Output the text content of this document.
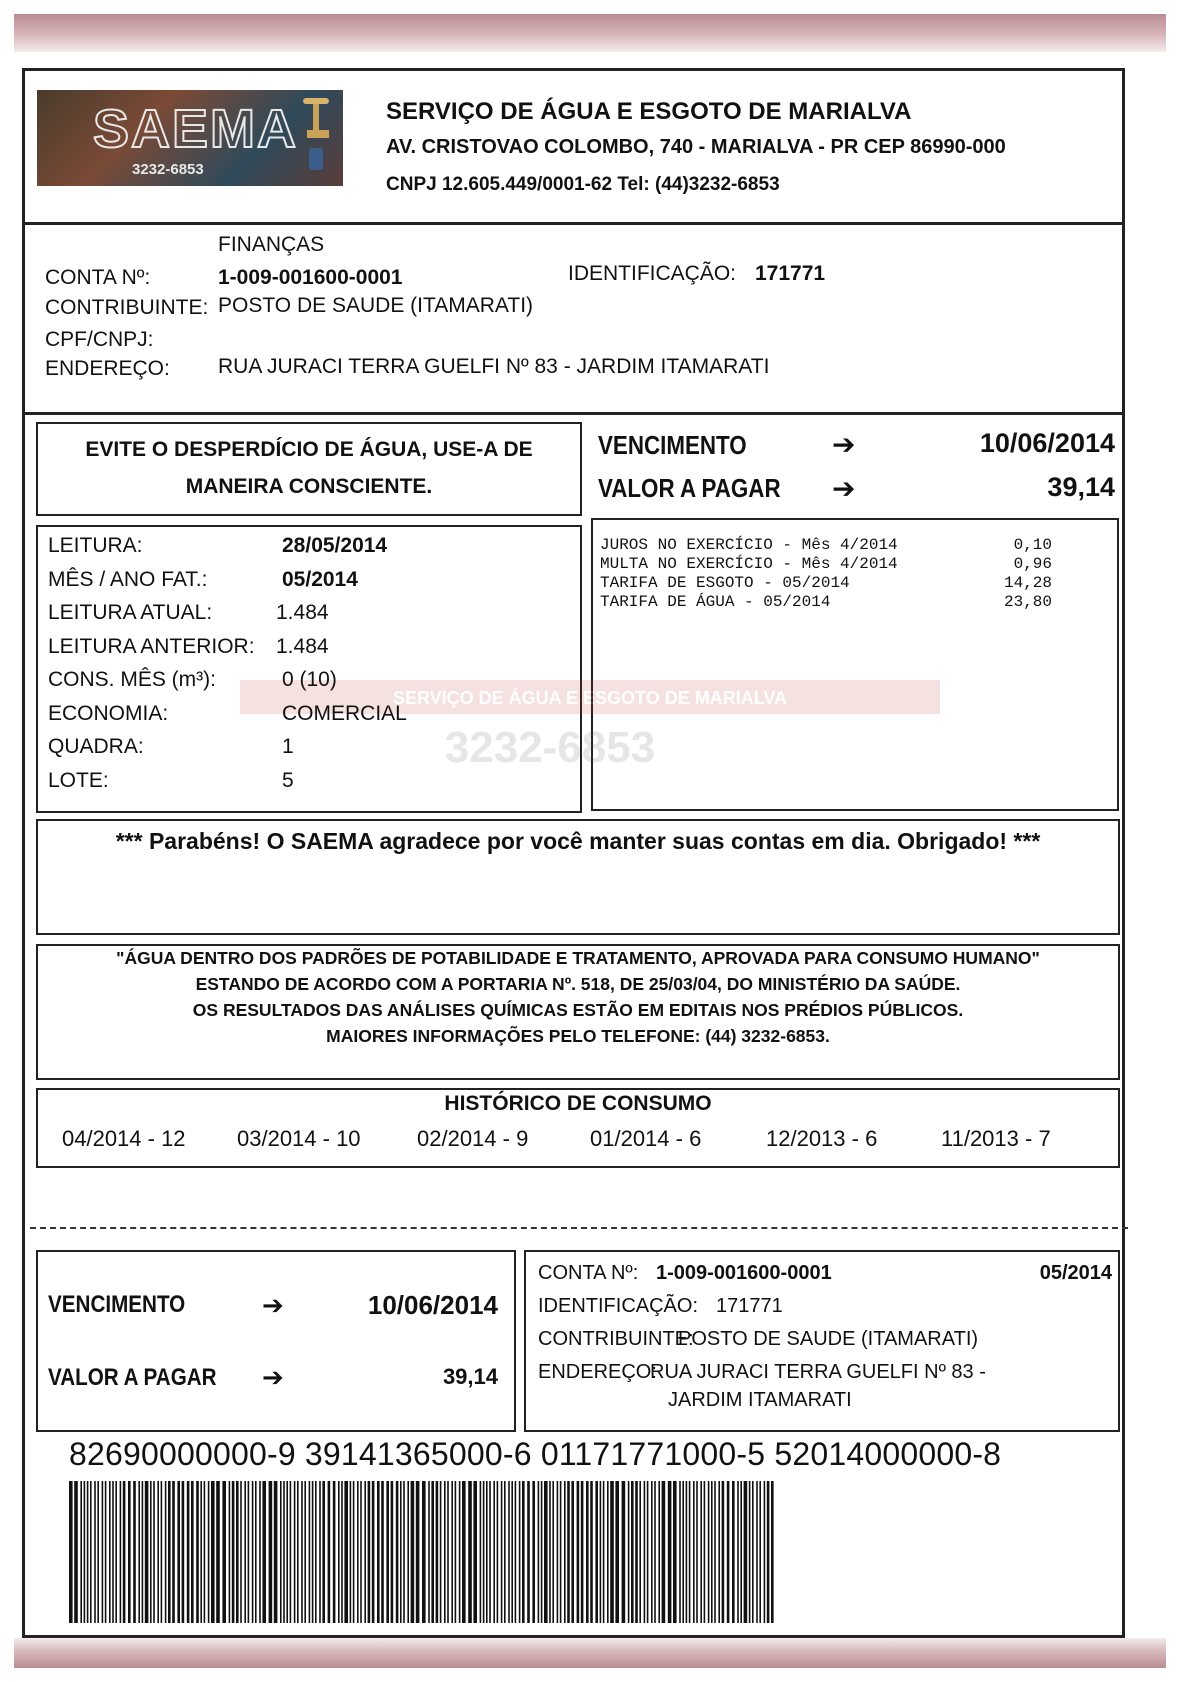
SAEMA
3232-6853
SERVIÇO DE ÁGUA E ESGOTO DE MARIALVA
AV. CRISTOVAO COLOMBO, 740 - MARIALVA - PR CEP 86990-000
CNPJ 12.605.449/0001-62 Tel: (44)3232-6853
FINANÇAS
CONTA Nº:	1-009-001600-0001	IDENTIFICAÇÃO: 171771
CONTRIBUINTE: POSTO DE SAUDE (ITAMARATI)
CPF/CNPJ:
ENDEREÇO: RUA JURACI TERRA GUELFI Nº 83 - JARDIM ITAMARATI
EVITE O DESPERDÍCIO DE ÁGUA, USE-A DE
MANEIRA CONSCIENTE.
VENCIMENTO	➔	10/06/2014
VALOR A PAGAR ➔	39,14
SERVIÇO DE ÁGUA E ESGOTO DE MARIALVA
3232-6853
LEITURA:	28/05/2014
MÊS / ANO FAT.:	05/2014
LEITURA ATUAL:	1.484
LEITURA ANTERIOR: 1.484
CONS. MÊS (m³):	0 (10)
ECONOMIA:	COMERCIAL
QUADRA:	1
LOTE:	5
JUROS NO EXERCÍCIO - Mês 4/2014	0,10
MULTA NO EXERCÍCIO - Mês 4/2014	0,96
TARIFA DE ESGOTO - 05/2014	14,28
TARIFA DE ÁGUA - 05/2014	23,80
*** Parabéns! O SAEMA agradece por você manter suas contas em dia. Obrigado! ***
"ÁGUA DENTRO DOS PADRÕES DE POTABILIDADE E TRATAMENTO, APROVADA PARA CONSUMO HUMANO"
ESTANDO DE ACORDO COM A PORTARIA Nº. 518, DE 25/03/04, DO MINISTÉRIO DA SAÚDE.
OS RESULTADOS DAS ANÁLISES QUÍMICAS ESTÃO EM EDITAIS NOS PRÉDIOS PÚBLICOS.
MAIORES INFORMAÇÕES PELO TELEFONE: (44) 3232-6853.
HISTÓRICO DE CONSUMO
04/2014 - 12 03/2014 - 10	02/2014 - 9	01/2014 - 6	12/2013 - 6	11/2013 - 7
VENCIMENTO	➔	10/06/2014
VALOR A PAGAR ➔	39,14
CONTA Nº: 1-009-001600-0001	05/2014
IDENTIFICAÇÃO: 171771
CONTRIBUINTE:
POSTO DE SAUDE (ITAMARATI)
ENDEREÇO:
RUA JURACI TERRA GUELFI Nº 83 -
JARDIM ITAMARATI
82690000000-9 39141365000-6 01171771000-5 52014000000-8
